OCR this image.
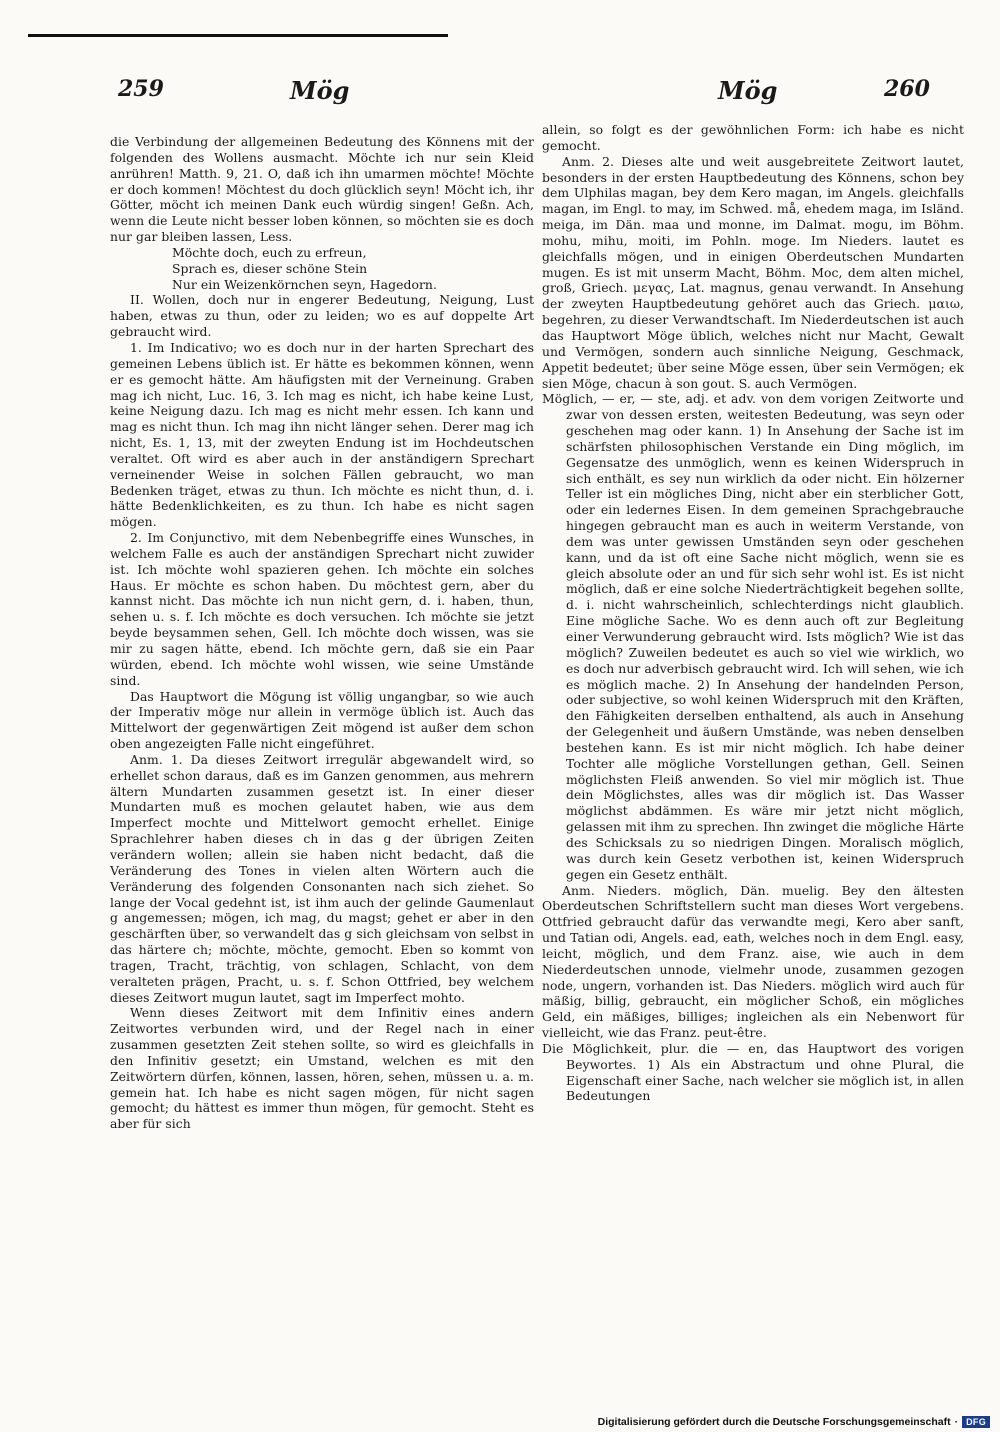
259	Mög	Mög	260

die Verbindung der allgemeinen Bedeutung des Könnens mit der folgenden des Wollens ausmacht. Möchte ich nur sein Kleid anrühren! Matth. 9, 21. O, daß ich ihn umarmen möchte! Möchte er doch kommen! Möchtest du doch glücklich seyn! Möcht ich, ihr Götter, möcht ich meinen Dank euch würdig singen! Geßn. Ach, wenn die Leute nicht besser loben können, so möchten sie es doch nur gar bleiben lassen, Less.

Möchte doch, euch zu erfreun,

Sprach es, dieser schöne Stein

Nur ein Weizenkörnchen seyn, Hagedorn.

II. Wollen, doch nur in engerer Bedeutung, Neigung, Lust haben, etwas zu thun, oder zu leiden; wo es auf doppelte Art gebraucht wird.

1. Im Indicativo; wo es doch nur in der harten Sprechart des gemeinen Lebens üblich ist. Er hätte es bekommen können, wenn er es gemocht hätte. Am häufigsten mit der Verneinung. Graben mag ich nicht, Luc. 16, 3. Ich mag es nicht, ich habe keine Lust, keine Neigung dazu. Ich mag es nicht mehr essen. Ich kann und mag es nicht thun. Ich mag ihn nicht länger sehen. Derer mag ich nicht, Es. 1, 13, mit der zweyten Endung ist im Hochdeutschen veraltet. Oft wird es aber auch in der anständigern Sprechart verneinender Weise in solchen Fällen gebraucht, wo man Bedenken träget, etwas zu thun. Ich möchte es nicht thun, d. i. hätte Bedenklichkeiten, es zu thun. Ich habe es nicht sagen mögen.

2. Im Conjunctivo, mit dem Nebenbegriffe eines Wunsches, in welchem Falle es auch der anständigen Sprechart nicht zuwider ist. Ich möchte wohl spazieren gehen. Ich möchte ein solches Haus. Er möchte es schon haben. Du möchtest gern, aber du kannst nicht. Das möchte ich nun nicht gern, d. i. haben, thun, sehen u. s. f. Ich möchte es doch versuchen. Ich möchte sie jetzt beyde beysammen sehen, Gell. Ich möchte doch wissen, was sie mir zu sagen hätte, ebend. Ich möchte gern, daß sie ein Paar würden, ebend. Ich möchte wohl wissen, wie seine Umstände sind.

Das Hauptwort die Mögung ist völlig ungangbar, so wie auch der Imperativ möge nur allein in vermöge üblich ist. Auch das Mittelwort der gegenwärtigen Zeit mögend ist außer dem schon oben angezeigten Falle nicht eingeführet.

Anm. 1. Da dieses Zeitwort irregulär abgewandelt wird, so erhellet schon daraus, daß es im Ganzen genommen, aus mehrern ältern Mundarten zusammen gesetzt ist. In einer dieser Mundarten muß es mochen gelautet haben, wie aus dem Imperfect mochte und Mittelwort gemocht erhellet. Einige Sprachlehrer haben dieses ch in das g der übrigen Zeiten verändern wollen; allein sie haben nicht bedacht, daß die Veränderung des Tones in vielen alten Wörtern auch die Veränderung des folgenden Consonanten nach sich ziehet. So lange der Vocal gedehnt ist, ist ihm auch der gelinde Gaumenlaut g angemessen; mögen, ich mag, du magst; gehet er aber in den geschärften über, so verwandelt das g sich gleichsam von selbst in das härtere ch; möchte, möchte, gemocht. Eben so kommt von tragen, Tracht, trächtig, von schlagen, Schlacht, von dem veralteten prägen, Pracht, u. s. f. Schon Ottfried, bey welchem dieses Zeitwort mugun lautet, sagt im Imperfect mohto.

Wenn dieses Zeitwort mit dem Infinitiv eines andern Zeitwortes verbunden wird, und der Regel nach in einer zusammen gesetzten Zeit stehen sollte, so wird es gleichfalls in den Infinitiv gesetzt; ein Umstand, welchen es mit den Zeitwörtern dürfen, können, lassen, hören, sehen, müssen u. a. m. gemein hat. Ich habe es nicht sagen mögen, für nicht sagen gemocht; du hättest es immer thun mögen, für gemocht. Steht es aber für sich

allein, so folgt es der gewöhnlichen Form: ich habe es nicht gemocht.

Anm. 2. Dieses alte und weit ausgebreitete Zeitwort lautet, besonders in der ersten Hauptbedeutung des Könnens, schon bey dem Ulphilas magan, bey dem Kero magan, im Angels. gleichfalls magan, im Engl. to may, im Schwed. må, ehedem maga, im Isländ. meiga, im Dän. maa und monne, im Dalmat. mogu, im Böhm. mohu, mihu, moiti, im Pohln. moge. Im Nieders. lautet es gleichfalls mögen, und in einigen Oberdeutschen Mundarten mugen. Es ist mit unserm Macht, Böhm. Moc, dem alten michel, groß, Griech. μεγας, Lat. magnus, genau verwandt. In Ansehung der zweyten Hauptbedeutung gehöret auch das Griech. μαιω, begehren, zu dieser Verwandtschaft. Im Niederdeutschen ist auch das Hauptwort Möge üblich, welches nicht nur Macht, Gewalt und Vermögen, sondern auch sinnliche Neigung, Geschmack, Appetit bedeutet; über seine Möge essen, über sein Vermögen; ek sien Möge, chacun à son gout. S. auch Vermögen.

Möglich, — er, — ste, adj. et adv. von dem vorigen Zeitworte und zwar von dessen ersten, weitesten Bedeutung, was seyn oder geschehen mag oder kann. 1) In Ansehung der Sache ist im schärfsten philosophischen Verstande ein Ding möglich, im Gegensatze des unmöglich, wenn es keinen Widerspruch in sich enthält, es sey nun wirklich da oder nicht. Ein hölzerner Teller ist ein mögliches Ding, nicht aber ein sterblicher Gott, oder ein ledernes Eisen. In dem gemeinen Sprachgebrauche hingegen gebraucht man es auch in weiterm Verstande, von dem was unter gewissen Umständen seyn oder geschehen kann, und da ist oft eine Sache nicht möglich, wenn sie es gleich absolute oder an und für sich sehr wohl ist. Es ist nicht möglich, daß er eine solche Niederträchtigkeit begehen sollte, d. i. nicht wahrscheinlich, schlechterdings nicht glaublich. Eine mögliche Sache. Wo es denn auch oft zur Begleitung einer Verwunderung gebraucht wird. Ists möglich? Wie ist das möglich? Zuweilen bedeutet es auch so viel wie wirklich, wo es doch nur adverbisch gebraucht wird. Ich will sehen, wie ich es möglich mache. 2) In Ansehung der handelnden Person, oder subjective, so wohl keinen Widerspruch mit den Kräften, den Fähigkeiten derselben enthaltend, als auch in Ansehung der Gelegenheit und äußern Umstände, was neben denselben bestehen kann. Es ist mir nicht möglich. Ich habe deiner Tochter alle mögliche Vorstellungen gethan, Gell. Seinen möglichsten Fleiß anwenden. So viel mir möglich ist. Thue dein Möglichstes, alles was dir möglich ist. Das Wasser möglichst abdämmen. Es wäre mir jetzt nicht möglich, gelassen mit ihm zu sprechen. Ihn zwinget die mögliche Härte des Schicksals zu so niedrigen Dingen. Moralisch möglich, was durch kein Gesetz verbothen ist, keinen Widerspruch gegen ein Gesetz enthält.

Anm. Nieders. möglich, Dän. muelig. Bey den ältesten Oberdeutschen Schriftstellern sucht man dieses Wort vergebens. Ottfried gebraucht dafür das verwandte megi, Kero aber sanft, und Tatian odi, Angels. ead, eath, welches noch in dem Engl. easy, leicht, möglich, und dem Franz. aise, wie auch in dem Niederdeutschen unnode, vielmehr unode, zusammen gezogen node, ungern, vorhanden ist. Das Nieders. möglich wird auch für mäßig, billig, gebraucht, ein möglicher Schoß, ein mögliches Geld, ein mäßiges, billiges; ingleichen als ein Nebenwort für vielleicht, wie das Franz. peut-être.

Die Möglichkeit, plur. die — en, das Hauptwort des vorigen Beywortes. 1) Als ein Abstractum und ohne Plural, die Eigenschaft einer Sache, nach welcher sie möglich ist, in allen Bedeutungen

Digitalisierung gefördert durch die Deutsche Forschungsgemeinschaft · DFG
